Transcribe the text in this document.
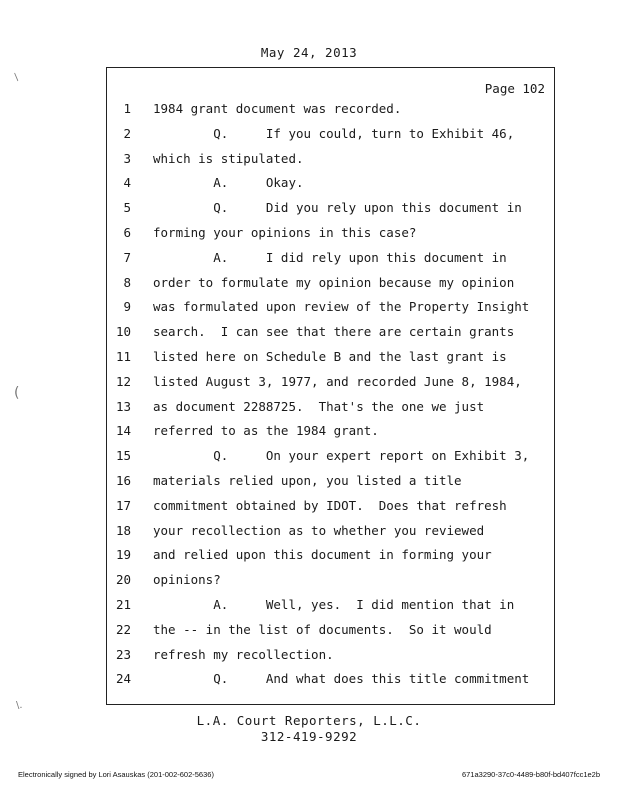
May 24, 2013
Page 102
1 1984 grant document was recorded.
2 Q.     If you could, turn to Exhibit 46,
3 which is stipulated.
4 A.     Okay.
5 Q.     Did you rely upon this document in
6 forming your opinions in this case?
7 A.     I did rely upon this document in
8 order to formulate my opinion because my opinion
9 was formulated upon review of the Property Insight
10 search.  I can see that there are certain grants
11 listed here on Schedule B and the last grant is
12 listed August 3, 1977, and recorded June 8, 1984,
13 as document 2288725.  That's the one we just
14 referred to as the 1984 grant.
15 Q.     On your expert report on Exhibit 3,
16 materials relied upon, you listed a title
17 commitment obtained by IDOT.  Does that refresh
18 your recollection as to whether you reviewed
19 and relied upon this document in forming your
20 opinions?
21 A.     Well, yes.  I did mention that in
22 the -- in the list of documents.  So it would
23 refresh my recollection.
24 Q.     And what does this title commitment
L.A. Court Reporters, L.L.C.
312-419-9292
Electronically signed by Lori Asauskas (201-002-602-5636)	671a3290-37c0-4489-b80f-bd407fcc1e2b
/
(
\.
